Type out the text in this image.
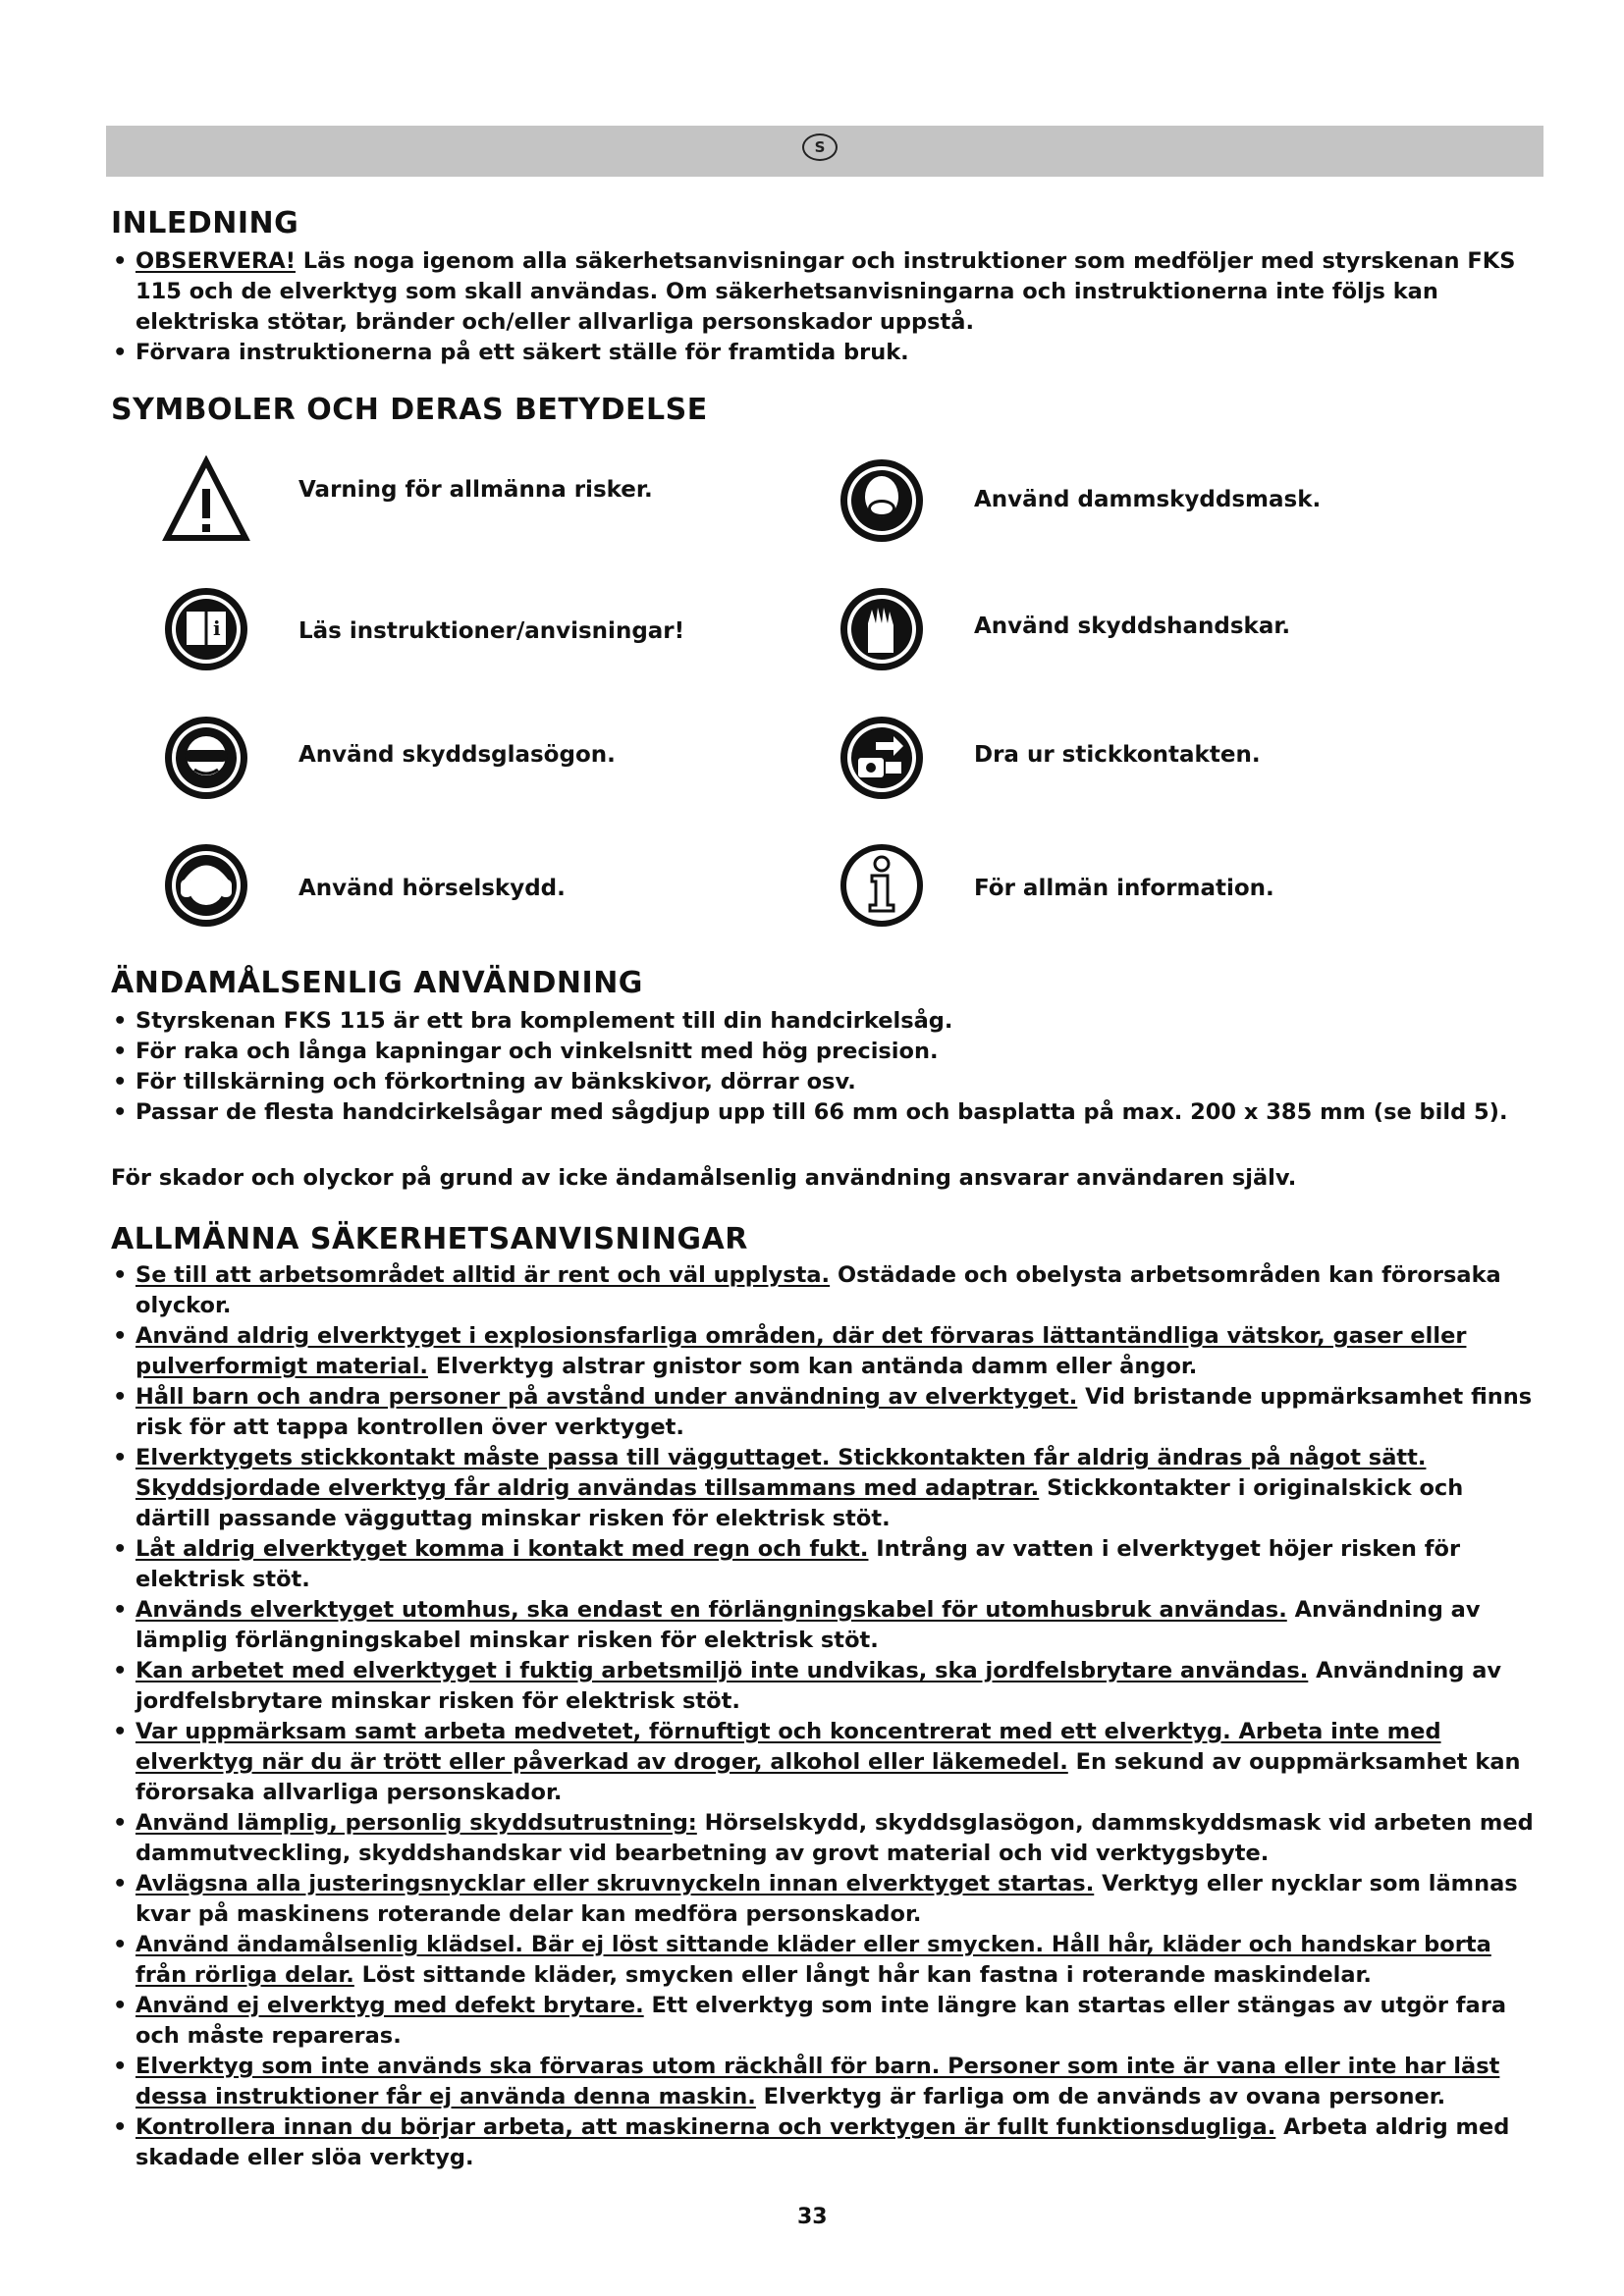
S
INLEDNING
• OBSERVERA! Läs noga igenom alla säkerhetsanvisningar och instruktioner som medföljer med styrskenan FKS 115 och de elverktyg som skall användas. Om säkerhetsanvisningarna och instruktionerna inte följs kan elektriska stötar, bränder och/eller allvarliga personskador uppstå.
• Förvara instruktionerna på ett säkert ställe för framtida bruk.
SYMBOLER OCH DERAS BETYDELSE
Varning för allmänna risker.
i	Läs instruktioner/anvisningar!
Använd skyddsglasögon.
Använd hörselskydd.
Använd dammskyddsmask.
Använd skyddshandskar.
Dra ur stickkontakten.
För allmän information.
ÄNDAMÅLSENLIG ANVÄNDNING
• Styrskenan FKS 115 är ett bra komplement till din handcirkelsåg.
• För raka och långa kapningar och vinkelsnitt med hög precision.
• För tillskärning och förkortning av bänkskivor, dörrar osv.
• Passar de flesta handcirkelsågar med sågdjup upp till 66 mm och basplatta på max. 200 x 385 mm (se bild 5).

För skador och olyckor på grund av icke ändamålsenlig användning ansvarar användaren själv.

ALLMÄNNA SÄKERHETSANVISNINGAR
• Se till att arbetsområdet alltid är rent och väl upplysta. Ostädade och obelysta arbetsområden kan förorsaka olyckor.
• Använd aldrig elverktyget i explosionsfarliga områden, där det förvaras lättantändliga vätskor, gaser eller pulverformigt material. Elverktyg alstrar gnistor som kan antända damm eller ångor.
• Håll barn och andra personer på avstånd under användning av elverktyget. Vid bristande uppmärksamhet finns risk för att tappa kontrollen över verktyget.
• Elverktygets stickkontakt måste passa till vägguttaget. Stickkontakten får aldrig ändras på något sätt. Skyddsjordade elverktyg får aldrig användas tillsammans med adaptrar. Stickkontakter i originalskick och därtill passande vägguttag minskar risken för elektrisk stöt.
• Låt aldrig elverktyget komma i kontakt med regn och fukt. Intrång av vatten i elverktyget höjer risken för elektrisk stöt.
• Används elverktyget utomhus, ska endast en förlängningskabel för utomhusbruk användas. Användning av lämplig förlängningskabel minskar risken för elektrisk stöt.
• Kan arbetet med elverktyget i fuktig arbetsmiljö inte undvikas, ska jordfelsbrytare användas. Användning av jordfelsbrytare minskar risken för elektrisk stöt.
• Var uppmärksam samt arbeta medvetet, förnuftigt och koncentrerat med ett elverktyg. Arbeta inte med elverktyg när du är trött eller påverkad av droger, alkohol eller läkemedel. En sekund av ouppmärksamhet kan förorsaka allvarliga personskador.
• Använd lämplig, personlig skyddsutrustning: Hörselskydd, skyddsglasögon, dammskyddsmask vid arbeten med dammutveckling, skyddshandskar vid bearbetning av grovt material och vid verktygsbyte.
• Avlägsna alla justeringsnycklar eller skruvnyckeln innan elverktyget startas. Verktyg eller nycklar som lämnas kvar på maskinens roterande delar kan medföra personskador.
• Använd ändamålsenlig klädsel. Bär ej löst sittande kläder eller smycken. Håll hår, kläder och handskar borta från rörliga delar. Löst sittande kläder, smycken eller långt hår kan fastna i roterande maskindelar.
• Använd ej elverktyg med defekt brytare. Ett elverktyg som inte längre kan startas eller stängas av utgör fara och måste repareras.
• Elverktyg som inte används ska förvaras utom räckhåll för barn. Personer som inte är vana eller inte har läst dessa instruktioner får ej använda denna maskin. Elverktyg är farliga om de används av ovana personer.
• Kontrollera innan du börjar arbeta, att maskinerna och verktygen är fullt funktionsdugliga. Arbeta aldrig med skadade eller slöa verktyg.
33
